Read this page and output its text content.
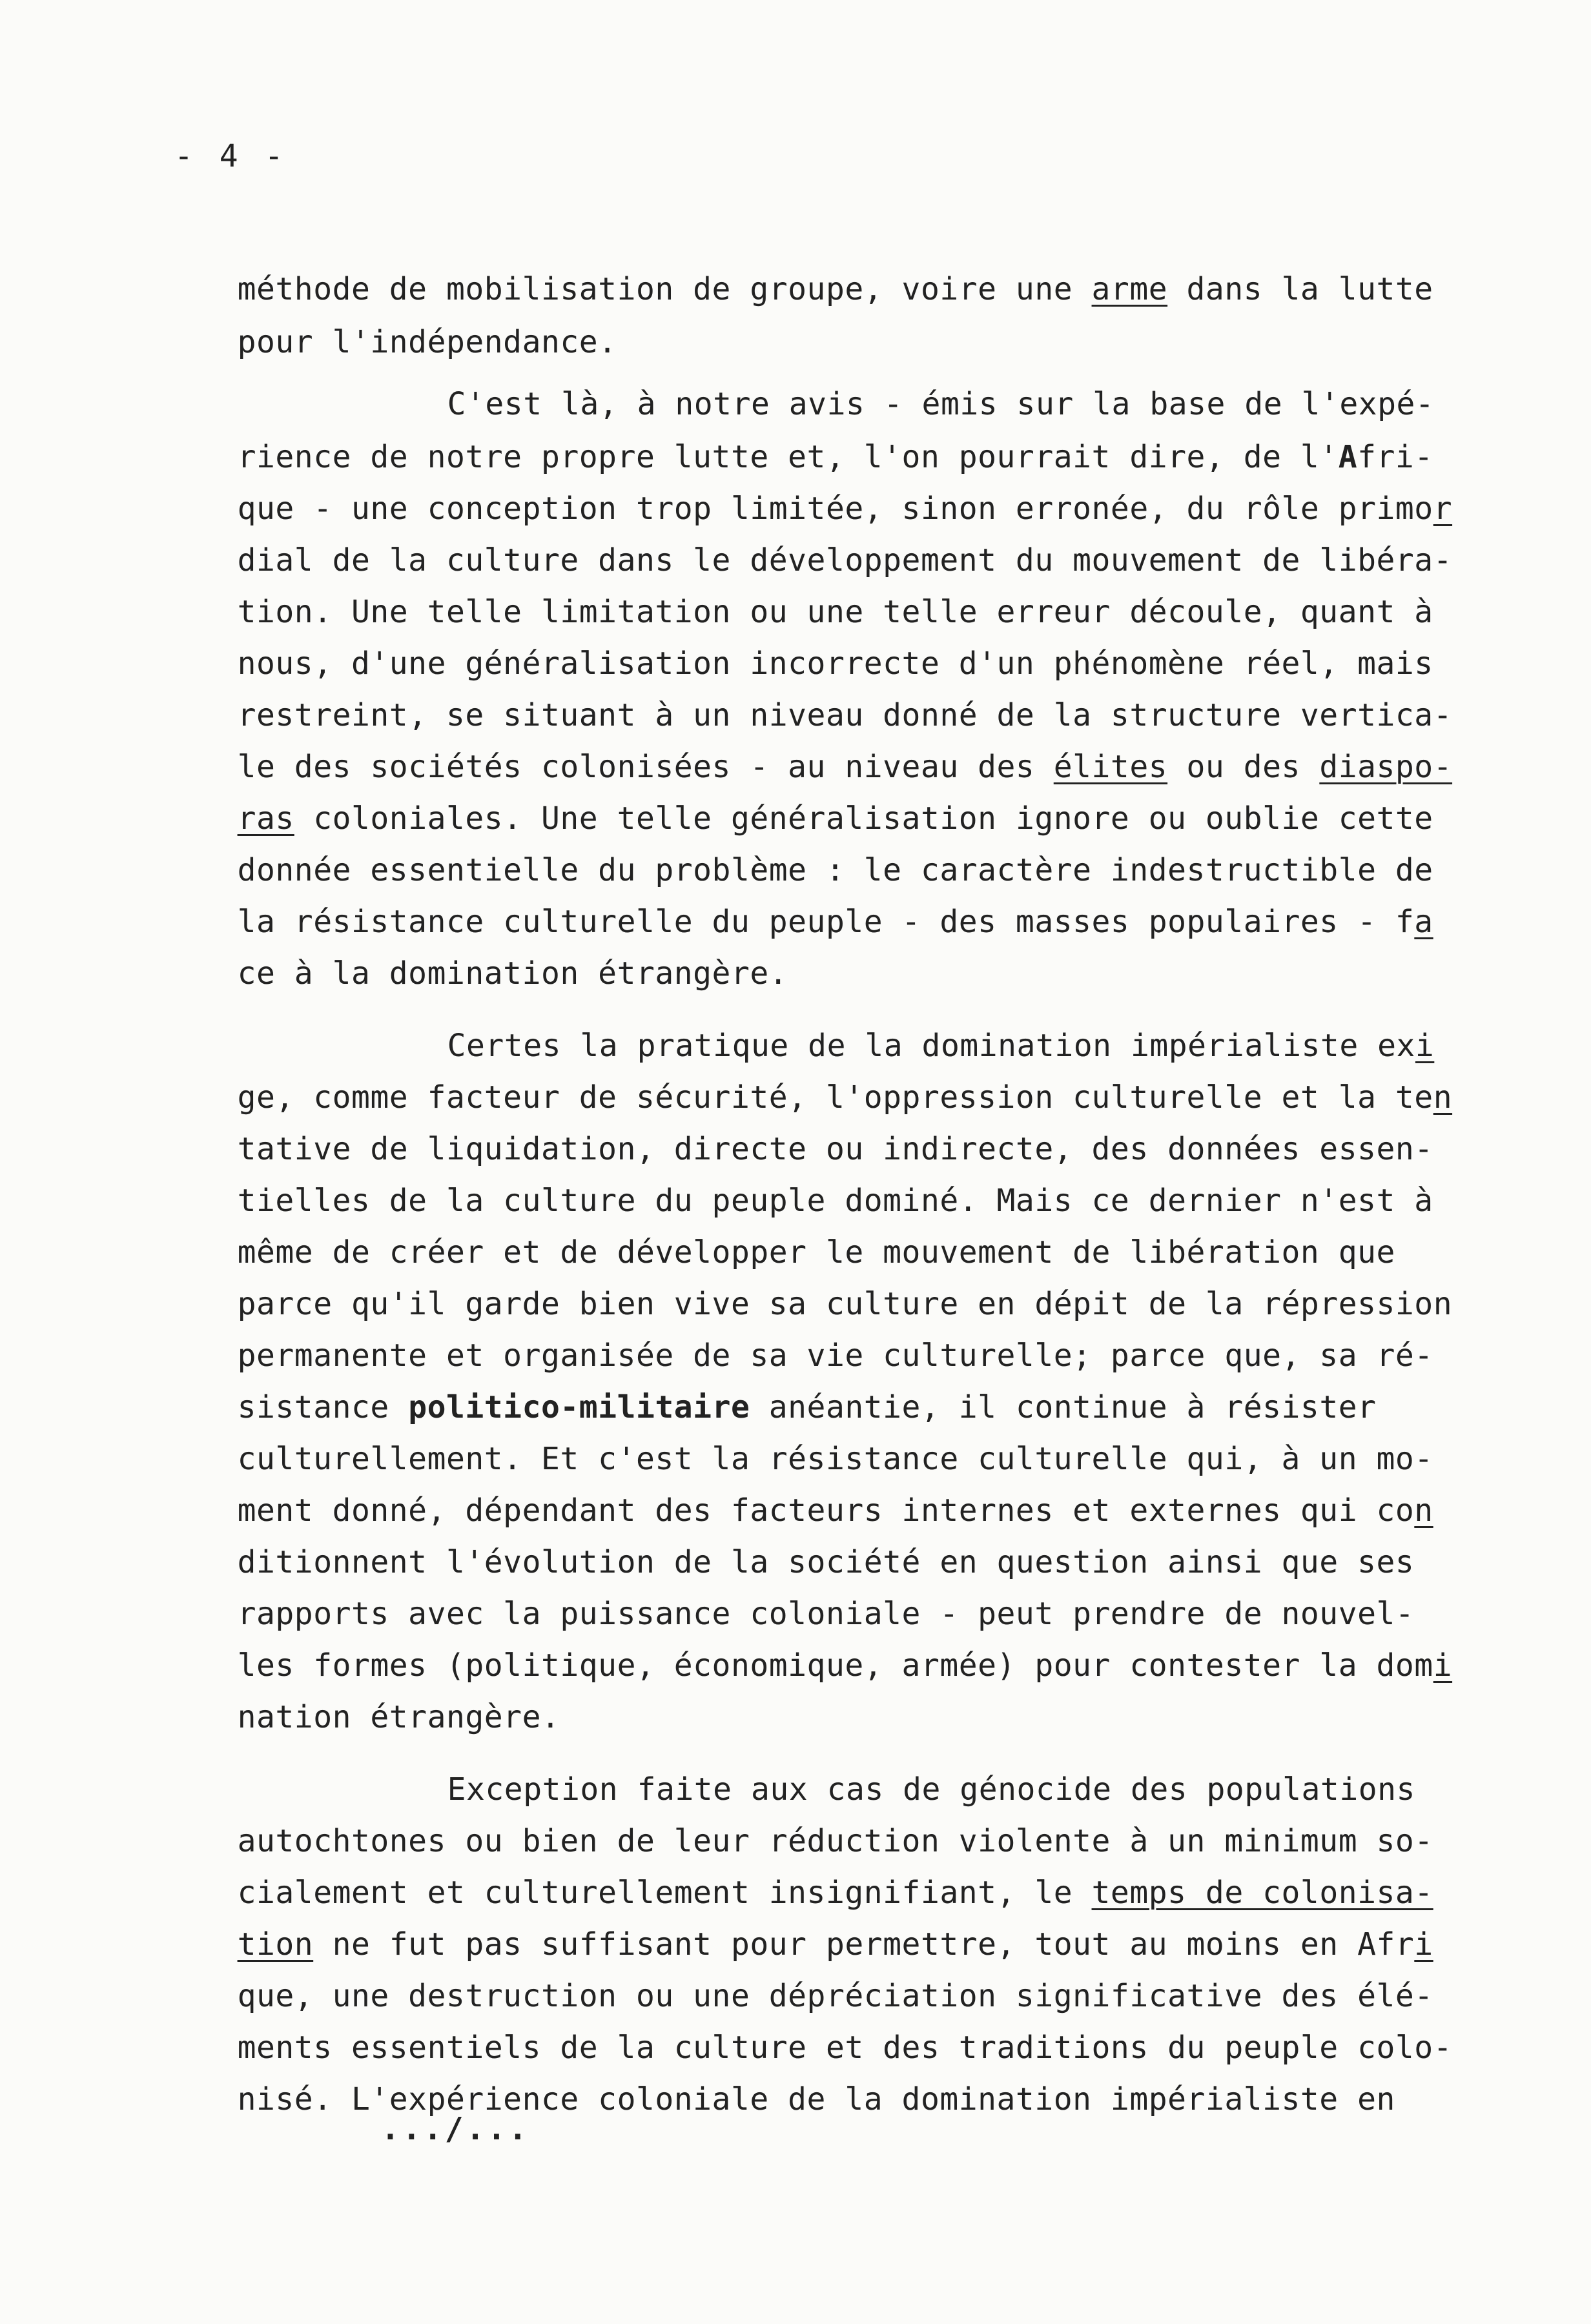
- 4 -

méthode de mobilisation de groupe, voire une arme dans la lutte

pour l'indépendance.

C'est là, à notre avis - émis sur la base de l'expé-

rience de notre propre lutte et, l'on pourrait dire, de l'Afri-

que - une conception trop limitée, sinon erronée, du rôle primor

dial de la culture dans le développement du mouvement de libéra-

tion. Une telle limitation ou une telle erreur découle, quant à

nous, d'une généralisation incorrecte d'un phénomène réel, mais

restreint, se situant à un niveau donné de la structure vertica-

le des sociétés colonisées - au niveau des élites ou des diaspo-

ras coloniales. Une telle généralisation ignore ou oublie cette

donnée essentielle du problème : le caractère indestructible de

la résistance culturelle du peuple - des masses populaires - fa

ce à la domination étrangère.

Certes la pratique de la domination impérialiste exi

ge, comme facteur de sécurité, l'oppression culturelle et la ten

tative de liquidation, directe ou indirecte, des données essen-

tielles de la culture du peuple dominé. Mais ce dernier n'est à

même de créer et de développer le mouvement de libération que

parce qu'il garde bien vive sa culture en dépit de la répression

permanente et organisée de sa vie culturelle; parce que, sa ré-

sistance politico-militaire anéantie, il continue à résister

culturellement. Et c'est la résistance culturelle qui, à un mo-

ment donné, dépendant des facteurs internes et externes qui con

ditionnent l'évolution de la société en question ainsi que ses

rapports avec la puissance coloniale - peut prendre de nouvel-

les formes (politique, économique, armée) pour contester la domi

nation étrangère.

Exception faite aux cas de génocide des populations

autochtones ou bien de leur réduction violente à un minimum so-

cialement et culturellement insignifiant, le temps de colonisa-

tion ne fut pas suffisant pour permettre, tout au moins en Afri

que, une destruction ou une dépréciation significative des élé-

ments essentiels de la culture et des traditions du peuple colo-

nisé. L'expérience coloniale de la domination impérialiste en

.../...
